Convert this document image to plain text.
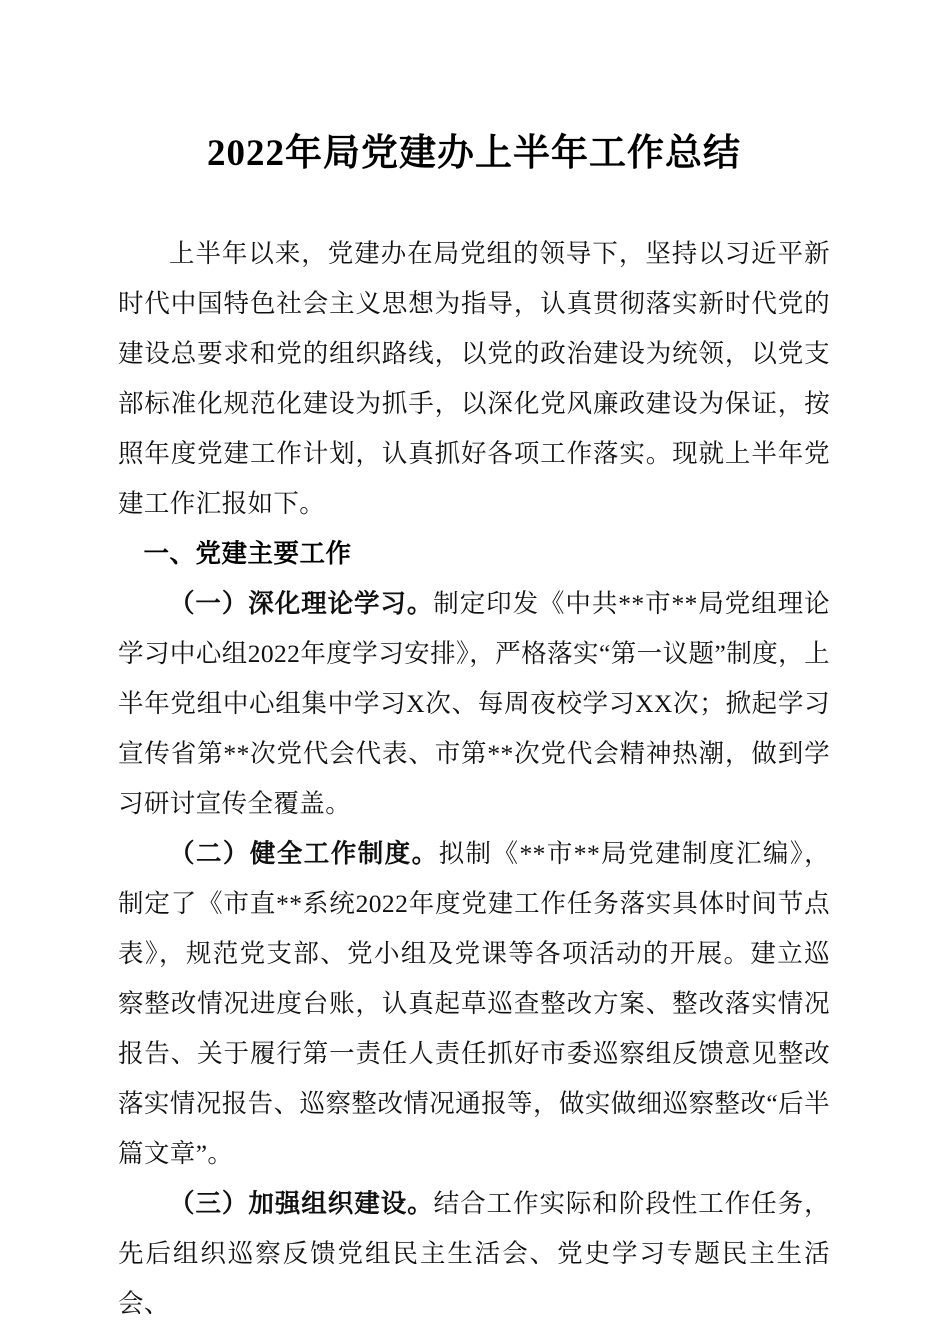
2022年局党建办上半年工作总结

上半年以来，党建办在局党组的领导下，坚持以习近平新时代中国特色社会主义思想为指导，认真贯彻落实新时代党的建设总要求和党的组织路线，以党的政治建设为统领，以党支部标准化规范化建设为抓手，以深化党风廉政建设为保证，按照年度党建工作计划，认真抓好各项工作落实。现就上半年党建工作汇报如下。

一、党建主要工作

（一）深化理论学习。制定印发《中共**市**局党组理论学习中心组2022年度学习安排》，严格落实“第一议题”制度，上半年党组中心组集中学习X次、每周夜校学习XX次；掀起学习宣传省第**次党代会代表、市第**次党代会精神热潮，做到学习研讨宣传全覆盖。

（二）健全工作制度。拟制《**市**局党建制度汇编》，制定了《市直**系统2022年度党建工作任务落实具体时间节点表》，规范党支部、党小组及党课等各项活动的开展。建立巡察整改情况进度台账，认真起草巡查整改方案、整改落实情况报告、关于履行第一责任人责任抓好市委巡察组反馈意见整改落实情况报告、巡察整改情况通报等，做实做细巡察整改“后半篇文章”。

（三）加强组织建设。结合工作实际和阶段性工作任务，先后组织巡察反馈党组民主生活会、党史学习专题民主生活会、
